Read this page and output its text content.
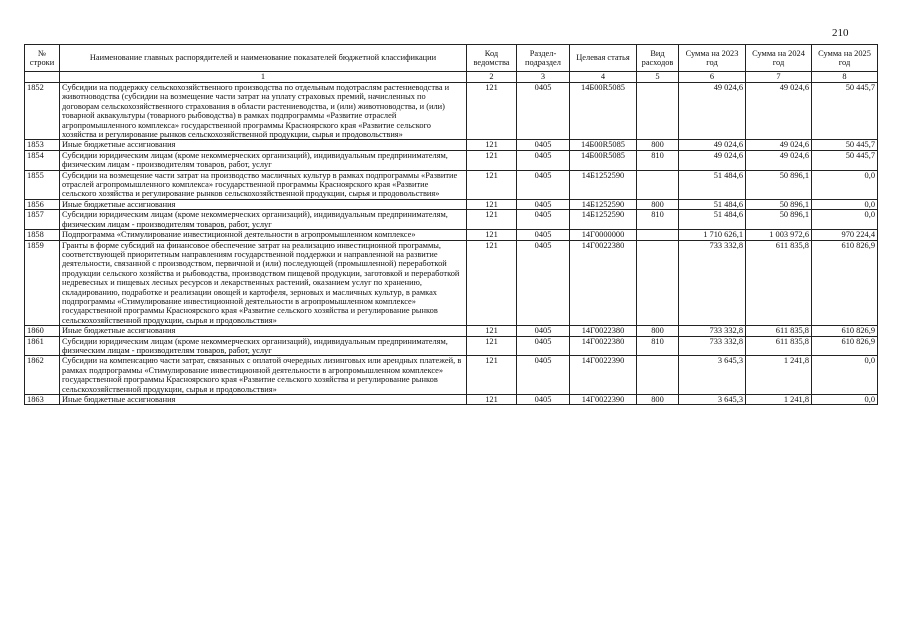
210
№ строки	Наименование главных распорядителей и наименование показателей бюджетной классификации	Код ведомства	Раздел-подраздел	Целевая статья	Вид расходов	Сумма на 2023 год	Сумма на 2024 год	Сумма на 2025 год
	1	2	3	4	5	6	7	8
1852	Субсидии на поддержку сельскохозяйственного производства по отдельным подотраслям растениеводства и животноводства (субсидии на возмещение части затрат на уплату страховых премий, начисленных по договорам сельскохозяйственного страхования в области растениеводства, и (или) животноводства, и (или) товарной аквакультуры (товарного рыбоводства) в рамках подпрограммы «Развитие отраслей агропромышленного комплекса» государственной программы Красноярского края «Развитие сельского хозяйства и регулирование рынков сельскохозяйственной продукции, сырья и продовольствия»	121	0405	14Б00R5085		49 024,6	49 024,6	50 445,7
1853	Иные бюджетные ассигнования	121	0405	14Б00R5085	800	49 024,6	49 024,6	50 445,7
1854	Субсидии юридическим лицам (кроме некоммерческих организаций), индивидуальным предпринимателям, физическим лицам - производителям товаров, работ, услуг	121	0405	14Б00R5085	810	49 024,6	49 024,6	50 445,7
1855	Субсидии на возмещение части затрат на производство масличных культур в рамках подпрограммы «Развитие отраслей агропромышленного комплекса» государственной программы Красноярского края «Развитие сельского хозяйства и регулирование рынков сельскохозяйственной продукции, сырья и продовольствия»	121	0405	14Б1252590		51 484,6	50 896,1	0,0
1856	Иные бюджетные ассигнования	121	0405	14Б1252590	800	51 484,6	50 896,1	0,0
1857	Субсидии юридическим лицам (кроме некоммерческих организаций), индивидуальным предпринимателям, физическим лицам - производителям товаров, работ, услуг	121	0405	14Б1252590	810	51 484,6	50 896,1	0,0
1858	Подпрограмма «Стимулирование инвестиционной деятельности в агропромышленном комплексе»	121	0405	14Г0000000		1 710 626,1	1 003 972,6	970 224,4
1859	Гранты в форме субсидий на финансовое обеспечение затрат на реализацию инвестиционной программы, соответствующей приоритетным направлениям государственной поддержки и направленной на развитие деятельности, связанной с производством, первичной и (или) последующей (промышленной) переработкой продукции сельского хозяйства и рыбоводства, производством пищевой продукции, заготовкой и переработкой недревесных и пищевых лесных ресурсов и лекарственных растений, оказанием услуг по хранению, складированию, подработке и реализации овощей и картофеля, зерновых и масличных культур, в рамках подпрограммы «Стимулирование инвестиционной деятельности в агропромышленном комплексе» государственной программы Красноярского края «Развитие сельского хозяйства и регулирование рынков сельскохозяйственной продукции, сырья и продовольствия»	121	0405	14Г0022380		733 332,8	611 835,8	610 826,9
1860	Иные бюджетные ассигнования	121	0405	14Г0022380	800	733 332,8	611 835,8	610 826,9
1861	Субсидии юридическим лицам (кроме некоммерческих организаций), индивидуальным предпринимателям, физическим лицам - производителям товаров, работ, услуг	121	0405	14Г0022380	810	733 332,8	611 835,8	610 826,9
1862	Субсидии на компенсацию части затрат, связанных с оплатой очередных лизинговых или арендных платежей, в рамках подпрограммы «Стимулирование инвестиционной деятельности в агропромышленном комплексе» государственной программы Красноярского края «Развитие сельского хозяйства и регулирование рынков сельскохозяйственной продукции, сырья и продовольствия»	121	0405	14Г0022390		3 645,3	1 241,8	0,0
1863	Иные бюджетные ассигнования	121	0405	14Г0022390	800	3 645,3	1 241,8	0,0
